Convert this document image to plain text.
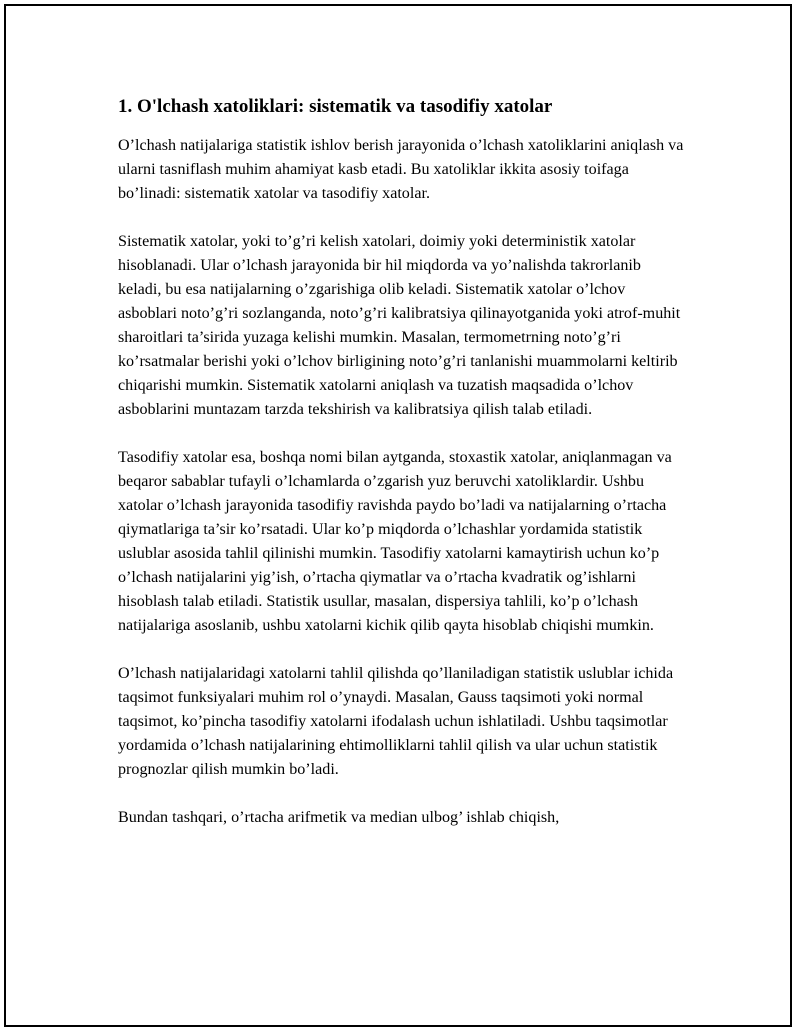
1. O'lchash xatoliklari: sistematik va tasodifiy xatolar

O’lchash natijalariga statistik ishlov berish jarayonida o’lchash xatoliklarini aniqlash va ularni tasniflash muhim ahamiyat kasb etadi. Bu xatoliklar ikkita asosiy toifaga bo’linadi: sistematik xatolar va tasodifiy xatolar.

Sistematik xatolar, yoki to’g’ri kelish xatolari, doimiy yoki deterministik xatolar hisoblanadi. Ular o’lchash jarayonida bir hil miqdorda va yo’nalishda takrorlanib keladi, bu esa natijalarning o’zgarishiga olib keladi. Sistematik xatolar o’lchov asboblari noto’g’ri sozlanganda, noto’g’ri kalibratsiya qilinayotganida yoki atrof-muhit sharoitlari ta’sirida yuzaga kelishi mumkin. Masalan, termometrning noto’g’ri ko’rsatmalar berishi yoki o’lchov birligining noto’g’ri tanlanishi muammolarni keltirib chiqarishi mumkin. Sistematik xatolarni aniqlash va tuzatish maqsadida o’lchov asboblarini muntazam tarzda tekshirish va kalibratsiya qilish talab etiladi.

Tasodifiy xatolar esa, boshqa nomi bilan aytganda, stoxastik xatolar, aniqlanmagan va beqaror sabablar tufayli o’lchamlarda o’zgarish yuz beruvchi xatoliklardir. Ushbu xatolar o’lchash jarayonida tasodifiy ravishda paydo bo’ladi va natijalarning o’rtacha qiymatlariga ta’sir ko’rsatadi. Ular ko’p miqdorda o’lchashlar yordamida statistik uslublar asosida tahlil qilinishi mumkin. Tasodifiy xatolarni kamaytirish uchun ko’p o’lchash natijalarini yig’ish, o’rtacha qiymatlar va o’rtacha kvadratik og’ishlarni hisoblash talab etiladi. Statistik usullar, masalan, dispersiya tahlili, ko’p o’lchash natijalariga asoslanib, ushbu xatolarni kichik qilib qayta hisoblab chiqishi mumkin.

O’lchash natijalaridagi xatolarni tahlil qilishda qo’llaniladigan statistik uslublar ichida taqsimot funksiyalari muhim rol o’ynaydi. Masalan, Gauss taqsimoti yoki normal taqsimot, ko’pincha tasodifiy xatolarni ifodalash uchun ishlatiladi. Ushbu taqsimotlar yordamida o’lchash natijalarining ehtimolliklarni tahlil qilish va ular uchun statistik prognozlar qilish mumkin bo’ladi.

Bundan tashqari, o’rtacha arifmetik va median ulbog’ ishlab chiqish,
